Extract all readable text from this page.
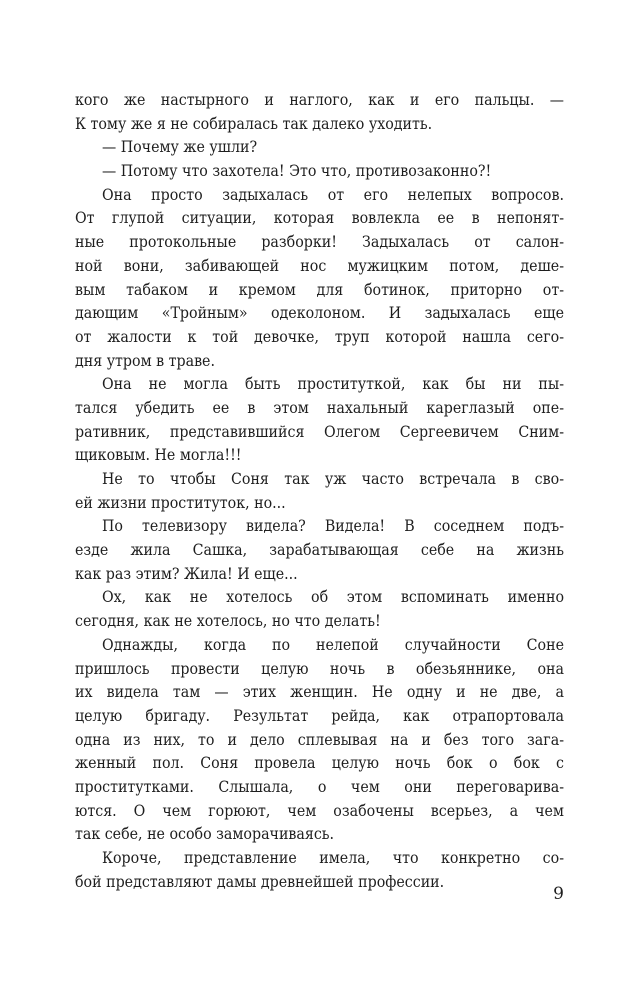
кого же настырного и наглого, как и его пальцы. —
К тому же я не собиралась так далеко уходить.
— Почему же ушли?
— Потому что захотела! Это что, противозаконно?!
Она просто задыхалась от его нелепых вопросов.
От глупой ситуации, которая вовлекла ее в непонят-
ные протокольные разборки! Задыхалась от салон-
ной вони, забивающей нос мужицким потом, деше-
вым табаком и кремом для ботинок, приторно от-
дающим «Тройным» одеколоном. И задыхалась еще
от жалости к той девочке, труп которой нашла сего-
дня утром в траве.
Она не могла быть проституткой, как бы ни пы-
тался убедить ее в этом нахальный кареглазый опе-
ративник, представившийся Олегом Сергеевичем Сним-
щиковым. Не могла!!!
Не то чтобы Соня так уж часто встречала в сво-
ей жизни проституток, но...
По телевизору видела? Видела! В соседнем подъ-
езде жила Сашка, зарабатывающая себе на жизнь
как раз этим? Жила! И еще...
Ох, как не хотелось об этом вспоминать именно
сегодня, как не хотелось, но что делать!
Однажды, когда по нелепой случайности Соне
пришлось провести целую ночь в обезьяннике, она
их видела там — этих женщин. Не одну и не две, а
целую бригаду. Результат рейда, как отрапортовала
одна из них, то и дело сплевывая на и без того зага-
женный пол. Соня провела целую ночь бок о бок с
проститутками. Слышала, о чем они переговарива-
ются. О чем горюют, чем озабочены всерьез, а чем
так себе, не особо заморачиваясь.
Короче, представление имела, что конкретно со-
бой представляют дамы древнейшей профессии.
9
